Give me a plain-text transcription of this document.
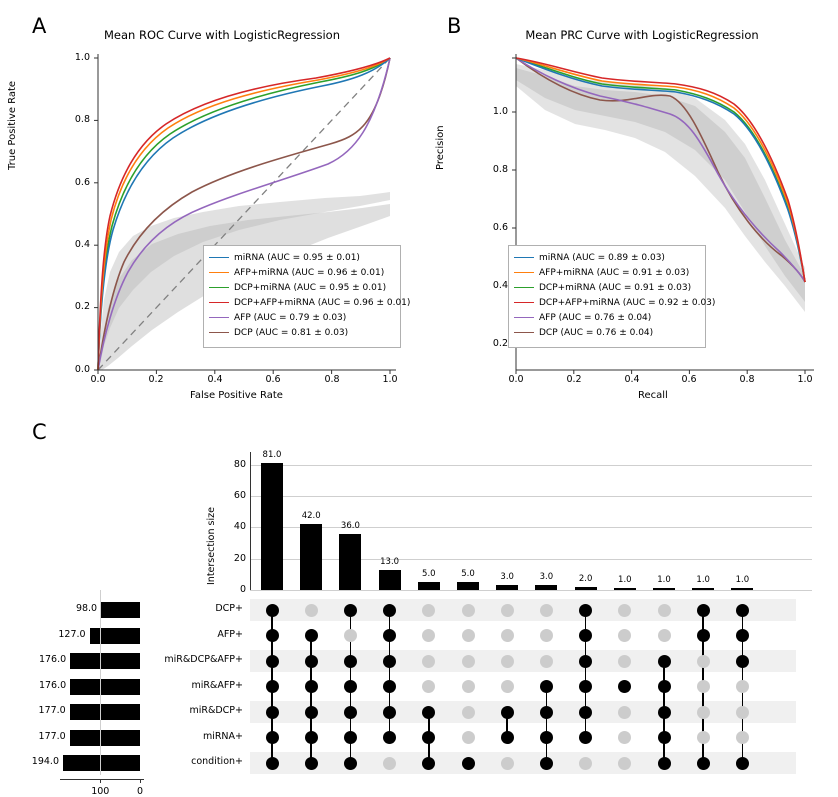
A	Mean ROC Curve with LogisticRegression
0.0	0.2	0.4	0.6	0.8	1.0
0.0
0.2
0.4
0.6
0.8
1.0
False Positive Rate
True Positive Rate
miRNA (AUC = 0.95 ± 0.01)
AFP+miRNA (AUC = 0.96 ± 0.01)
DCP+miRNA (AUC = 0.95 ± 0.01)
DCP+AFP+miRNA (AUC = 0.96 ± 0.01)
AFP (AUC = 0.79 ± 0.03)
DCP (AUC = 0.81 ± 0.03)
B	Mean PRC Curve with LogisticRegression
0.0	0.2	0.4	0.6	0.8	1.0
0.2
0.4
0.6
0.8
1.0
Recall
Precision
miRNA (AUC = 0.89 ± 0.03)
AFP+miRNA (AUC = 0.91 ± 0.03)
DCP+miRNA (AUC = 0.91 ± 0.03)
DCP+AFP+miRNA (AUC = 0.92 ± 0.03)
AFP (AUC = 0.76 ± 0.04)
DCP (AUC = 0.76 ± 0.04)
C
0
20
40
60
80
Intersection size
81.0
42.0
36.0
13.0
5.0	5.0	3.0	3.0	2.0	1.0	1.0	1.0	1.0
DCP+
AFP+
miR&DCP&AFP+
miR&AFP+
miR&DCP+
miRNA+
condition+
98.0
127.0
176.0
176.0
177.0
177.0
194.0
100	0
